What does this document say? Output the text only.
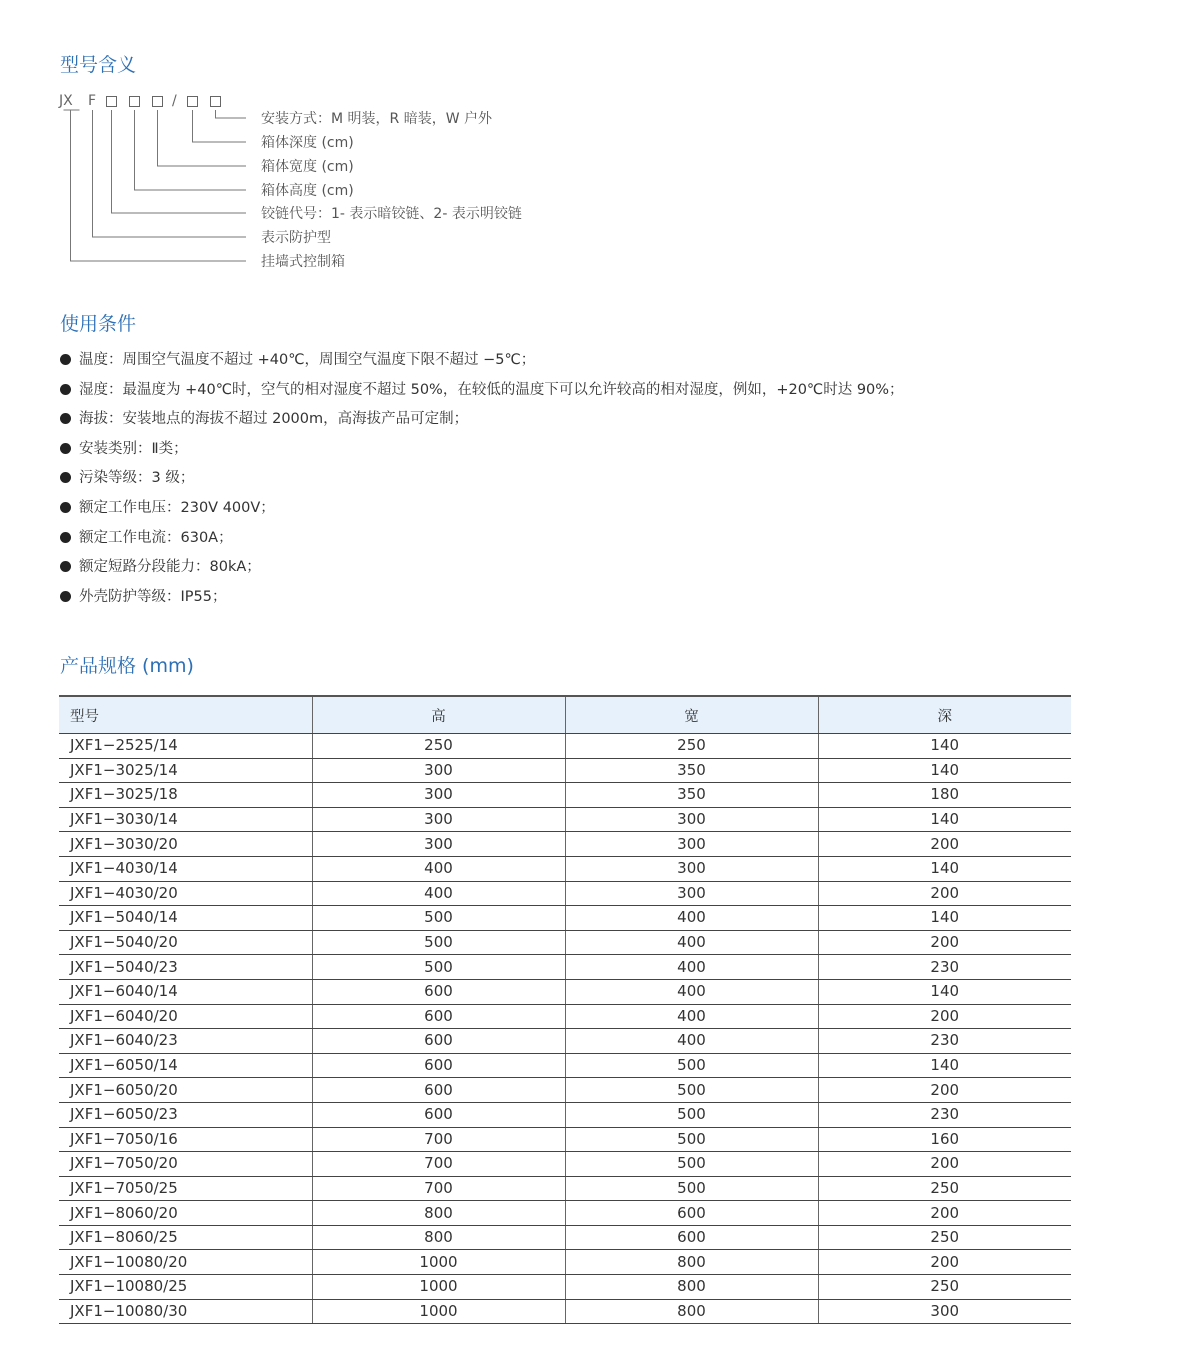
型号含义
JX F	/
安装方式：M 明装，R 暗装，W 户外
箱体深度 (cm)
箱体宽度 (cm)
箱体高度 (cm)
铰链代号：1- 表示暗铰链、2- 表示明铰链
表示防护型
挂墙式控制箱
使用条件
温度：周围空气温度不超过 +40℃，周围空气温度下限不超过 −5℃；
湿度：最温度为 +40℃时，空气的相对湿度不超过 50%，在较低的温度下可以允许较高的相对湿度，例如，+20℃时达 90%；
海拔：安装地点的海拔不超过 2000m，高海拔产品可定制；
安装类别：Ⅱ类；
污染等级：3 级；
额定工作电压：230V 400V；
额定工作电流：630A；
额定短路分段能力：80kA；
外壳防护等级：IP55；
产品规格 (mm)
型号	高	宽	深
JXF1−2525/14	250	250	140
JXF1−3025/14	300	350	140
JXF1−3025/18	300	350	180
JXF1−3030/14	300	300	140
JXF1−3030/20	300	300	200
JXF1−4030/14	400	300	140
JXF1−4030/20	400	300	200
JXF1−5040/14	500	400	140
JXF1−5040/20	500	400	200
JXF1−5040/23	500	400	230
JXF1−6040/14	600	400	140
JXF1−6040/20	600	400	200
JXF1−6040/23	600	400	230
JXF1−6050/14	600	500	140
JXF1−6050/20	600	500	200
JXF1−6050/23	600	500	230
JXF1−7050/16	700	500	160
JXF1−7050/20	700	500	200
JXF1−7050/25	700	500	250
JXF1−8060/20	800	600	200
JXF1−8060/25	800	600	250
JXF1−10080/20	1000	800	200
JXF1−10080/25	1000	800	250
JXF1−10080/30	1000	800	300
